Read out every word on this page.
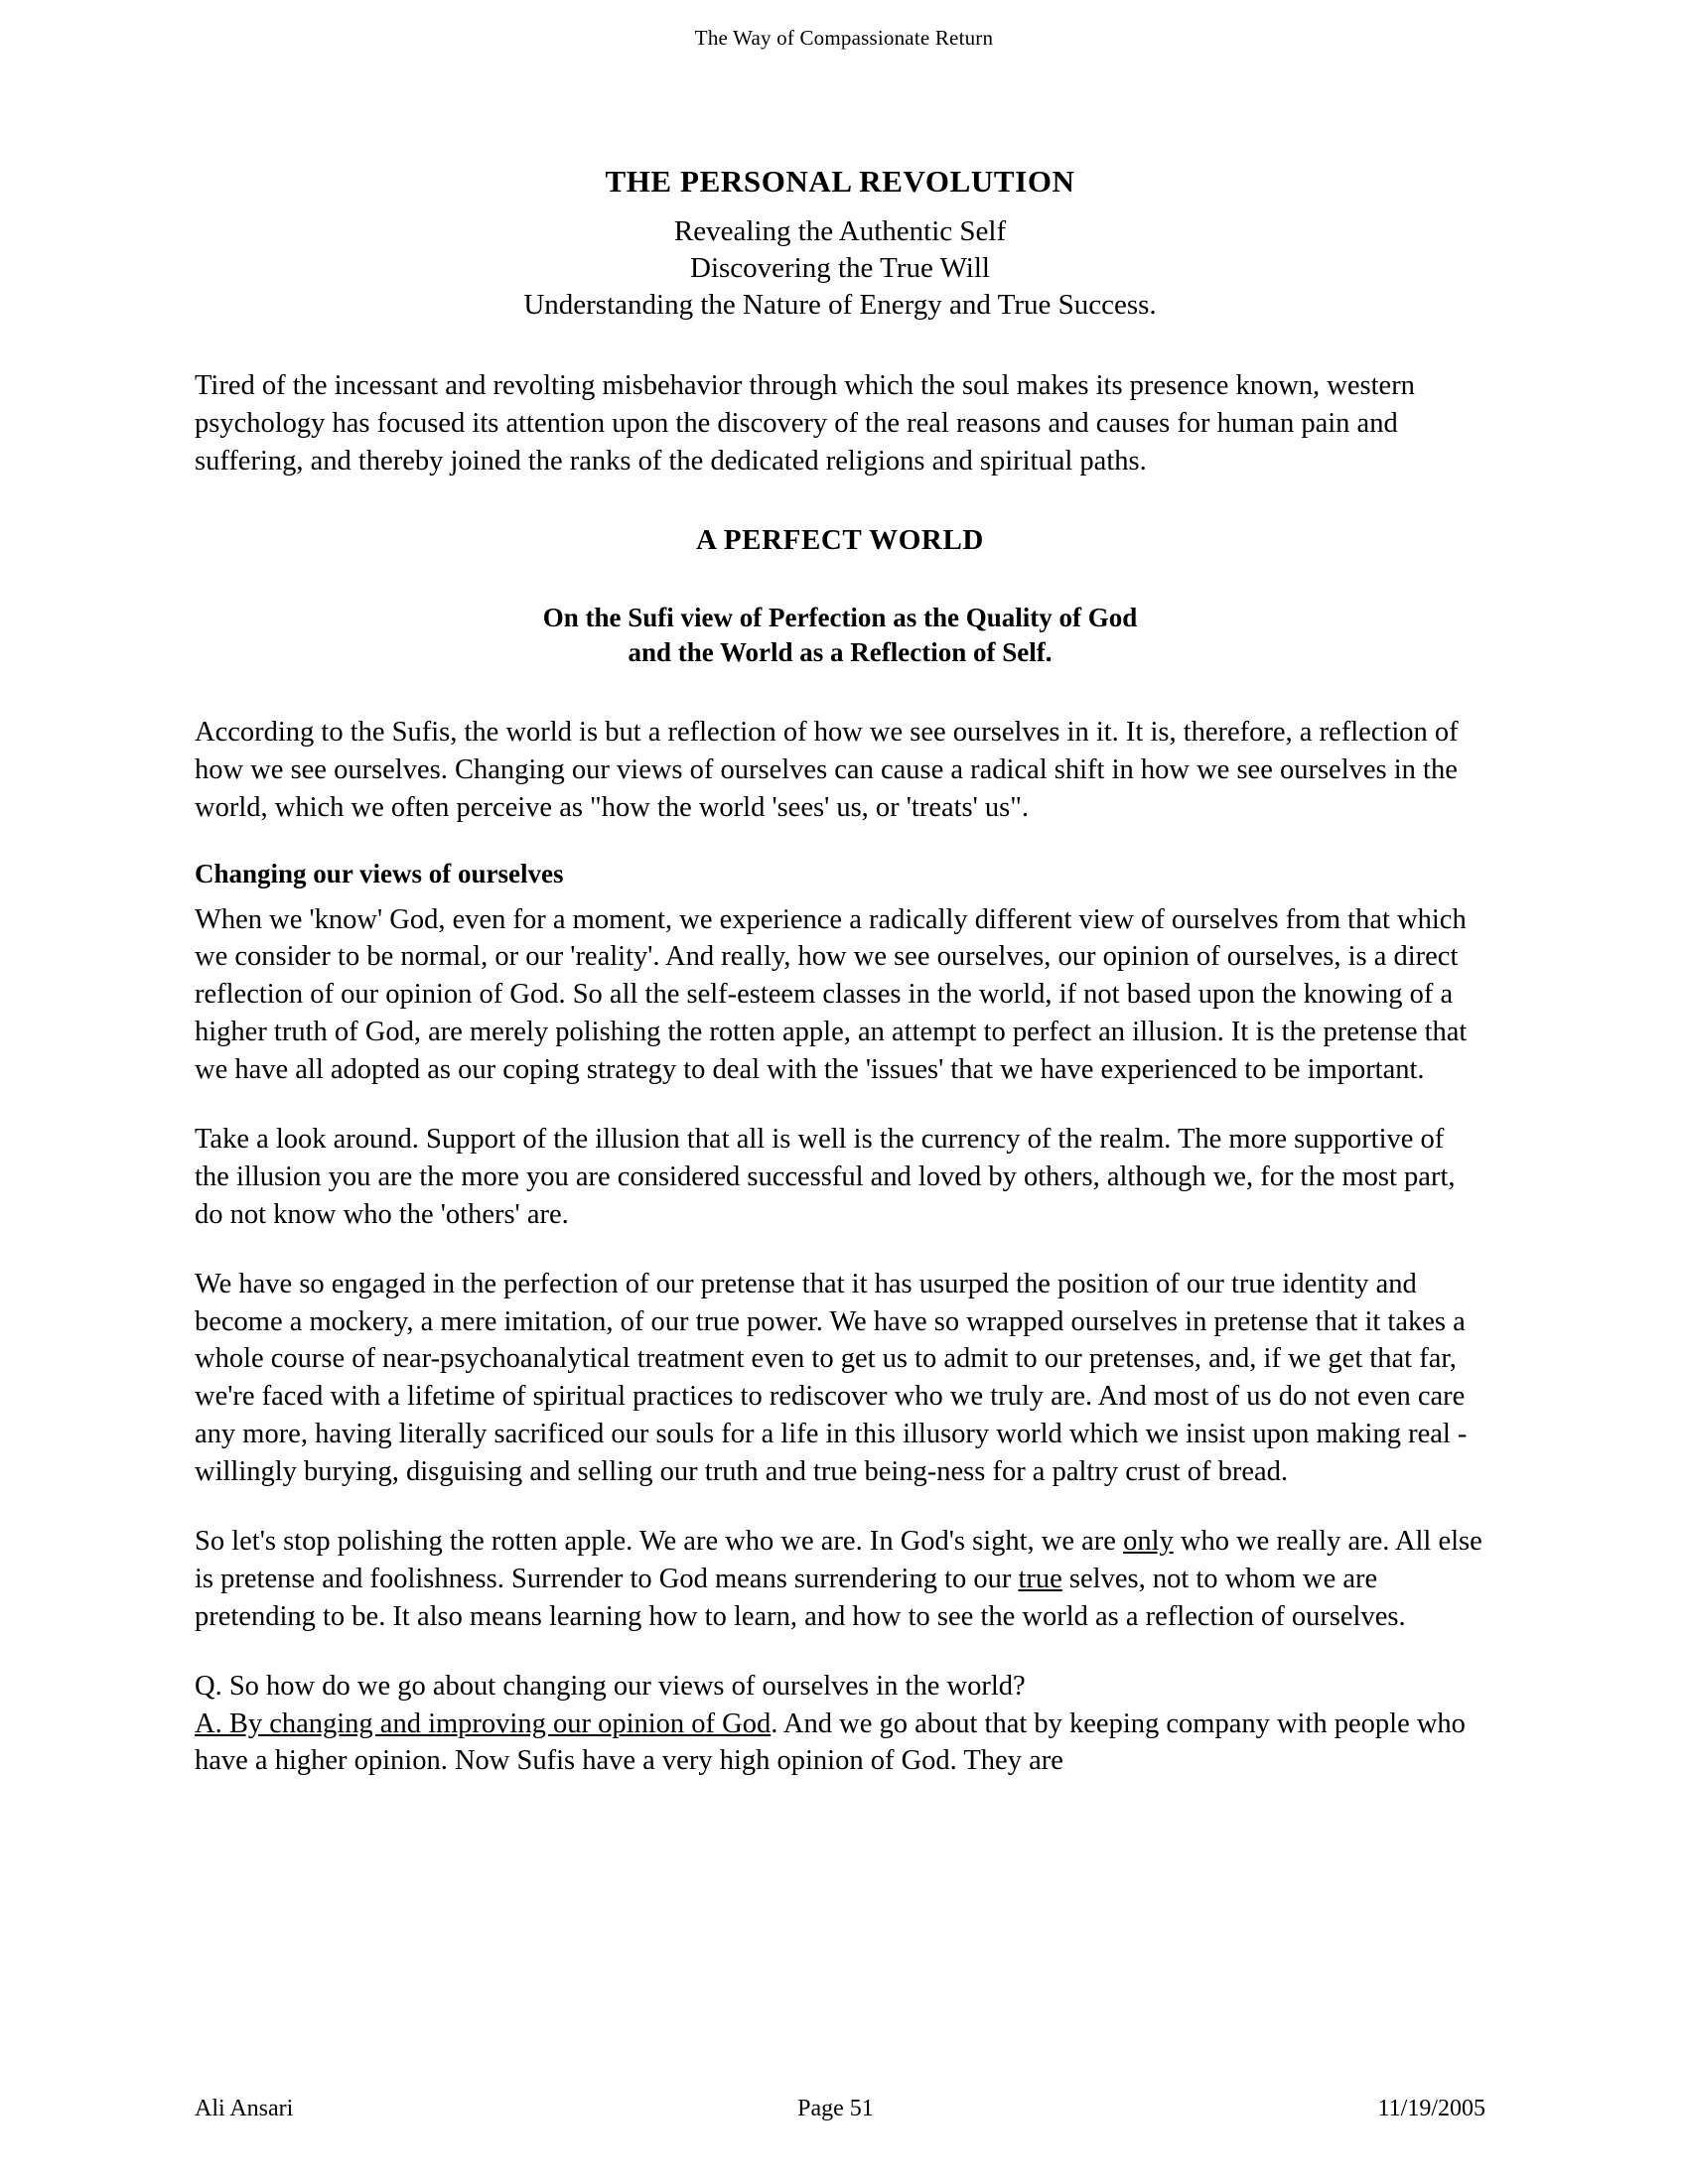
The Way of Compassionate Return
THE PERSONAL REVOLUTION
Revealing the Authentic Self
Discovering the True Will
Understanding the Nature of Energy and True Success.

Tired of the incessant and revolting misbehavior through which the soul makes its presence known, western psychology has focused its attention upon the discovery of the real reasons and causes for human pain and suffering, and thereby joined the ranks of the dedicated religions and spiritual paths.

A PERFECT WORLD
On the Sufi view of Perfection as the Quality of God
and the World as a Reflection of Self.

According to the Sufis, the world is but a reflection of how we see ourselves in it. It is, therefore, a reflection of how we see ourselves. Changing our views of ourselves can cause a radical shift in how we see ourselves in the world, which we often perceive as "how the world 'sees' us, or 'treats' us".

Changing our views of ourselves

When we 'know' God, even for a moment, we experience a radically different view of ourselves from that which we consider to be normal, or our 'reality'. And really, how we see ourselves, our opinion of ourselves, is a direct reflection of our opinion of God. So all the self-esteem classes in the world, if not based upon the knowing of a higher truth of God, are merely polishing the rotten apple, an attempt to perfect an illusion. It is the pretense that we have all adopted as our coping strategy to deal with the 'issues' that we have experienced to be important.

Take a look around. Support of the illusion that all is well is the currency of the realm. The more supportive of the illusion you are the more you are considered successful and loved by others, although we, for the most part, do not know who the 'others' are.

We have so engaged in the perfection of our pretense that it has usurped the position of our true identity and become a mockery, a mere imitation, of our true power. We have so wrapped ourselves in pretense that it takes a whole course of near-psychoanalytical treatment even to get us to admit to our pretenses, and, if we get that far, we're faced with a lifetime of spiritual practices to rediscover who we truly are. And most of us do not even care any more, having literally sacrificed our souls for a life in this illusory world which we insist upon making real - willingly burying, disguising and selling our truth and true being-ness for a paltry crust of bread.

So let's stop polishing the rotten apple. We are who we are. In God's sight, we are only who we really are. All else is pretense and foolishness. Surrender to God means surrendering to our true selves, not to whom we are pretending to be. It also means learning how to learn, and how to see the world as a reflection of ourselves.

Q. So how do we go about changing our views of ourselves in the world?

A. By changing and improving our opinion of God. And we go about that by keeping company with people who have a higher opinion. Now Sufis have a very high opinion of God. They are

Ali Ansari	Page 51	11/19/2005
